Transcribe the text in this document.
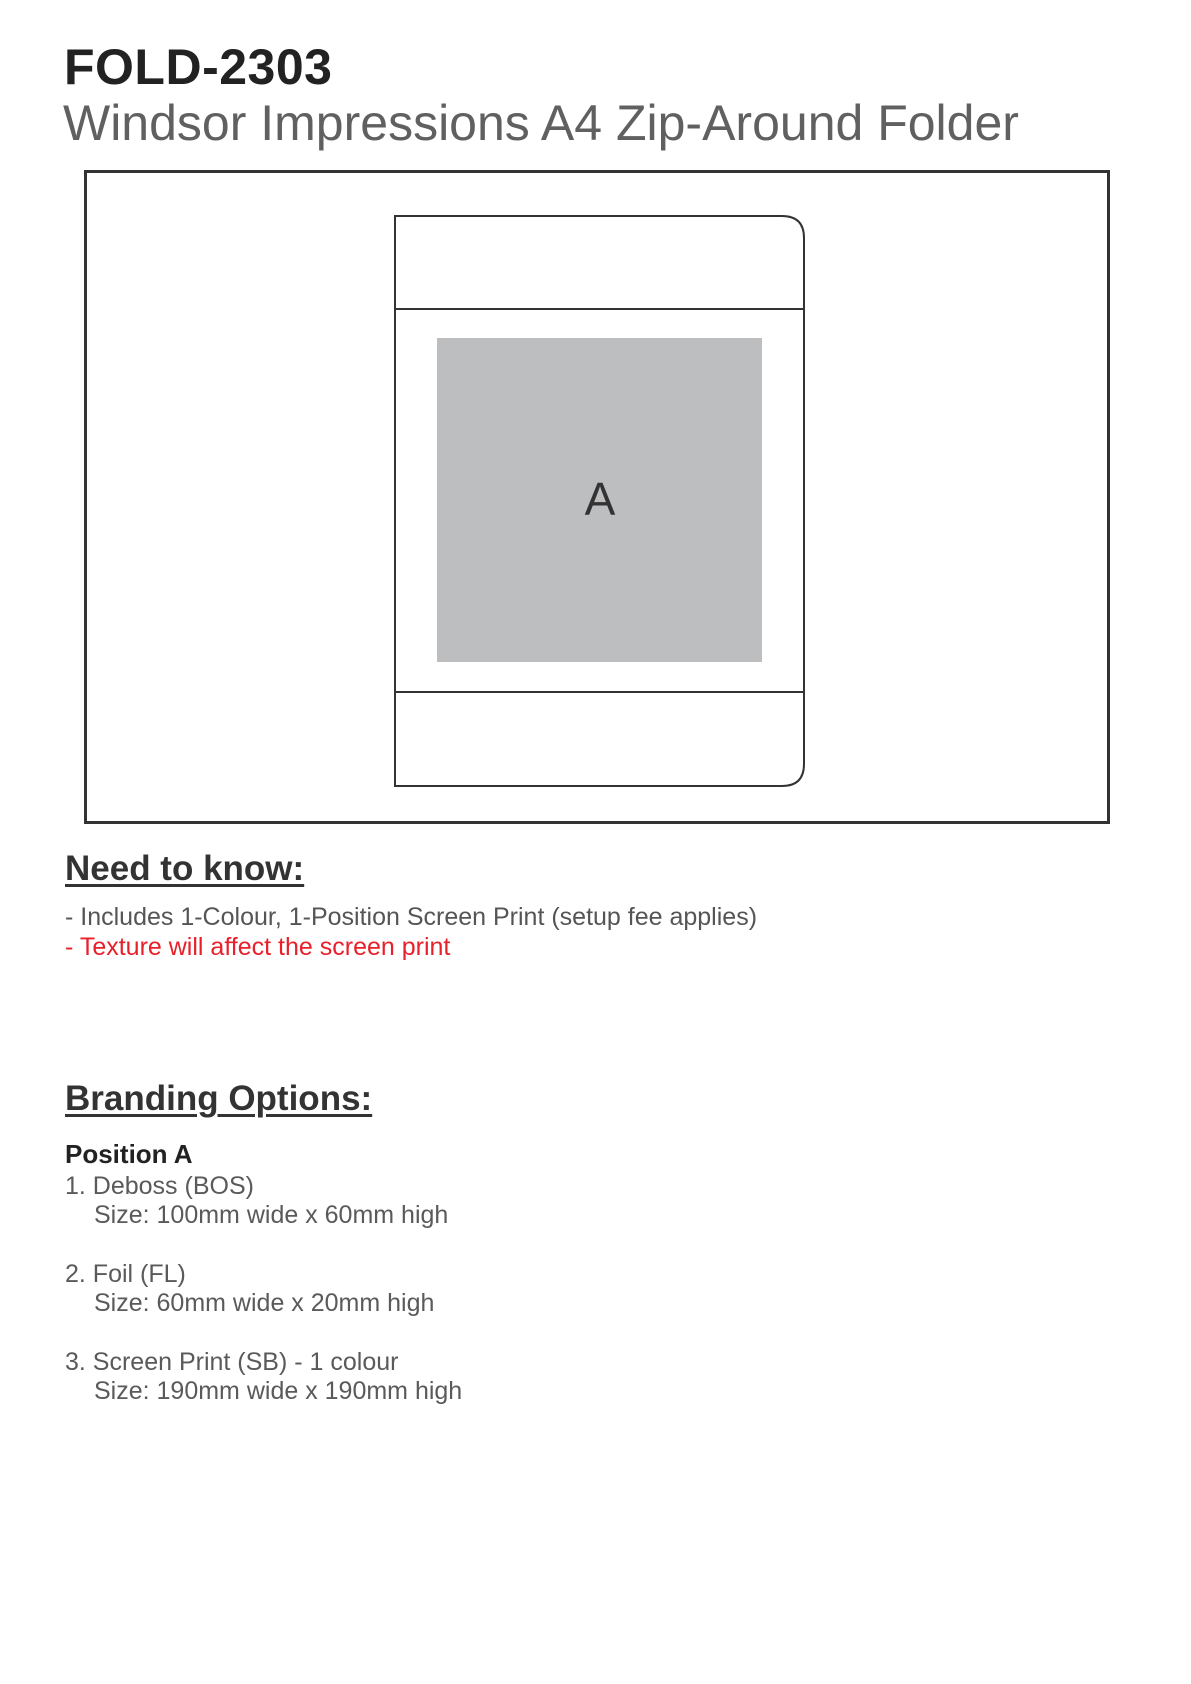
FOLD-2303
Windsor Impressions A4 Zip-Around Folder
A
Need to know:
- Includes 1-Colour, 1-Position Screen Print (setup fee applies)
- Texture will affect the screen print
Branding Options:
Position A
1. Deboss (BOS)
Size: 100mm wide x 60mm high
2. Foil (FL)
Size: 60mm wide x 20mm high
3. Screen Print (SB) - 1 colour
Size: 190mm wide x 190mm high
